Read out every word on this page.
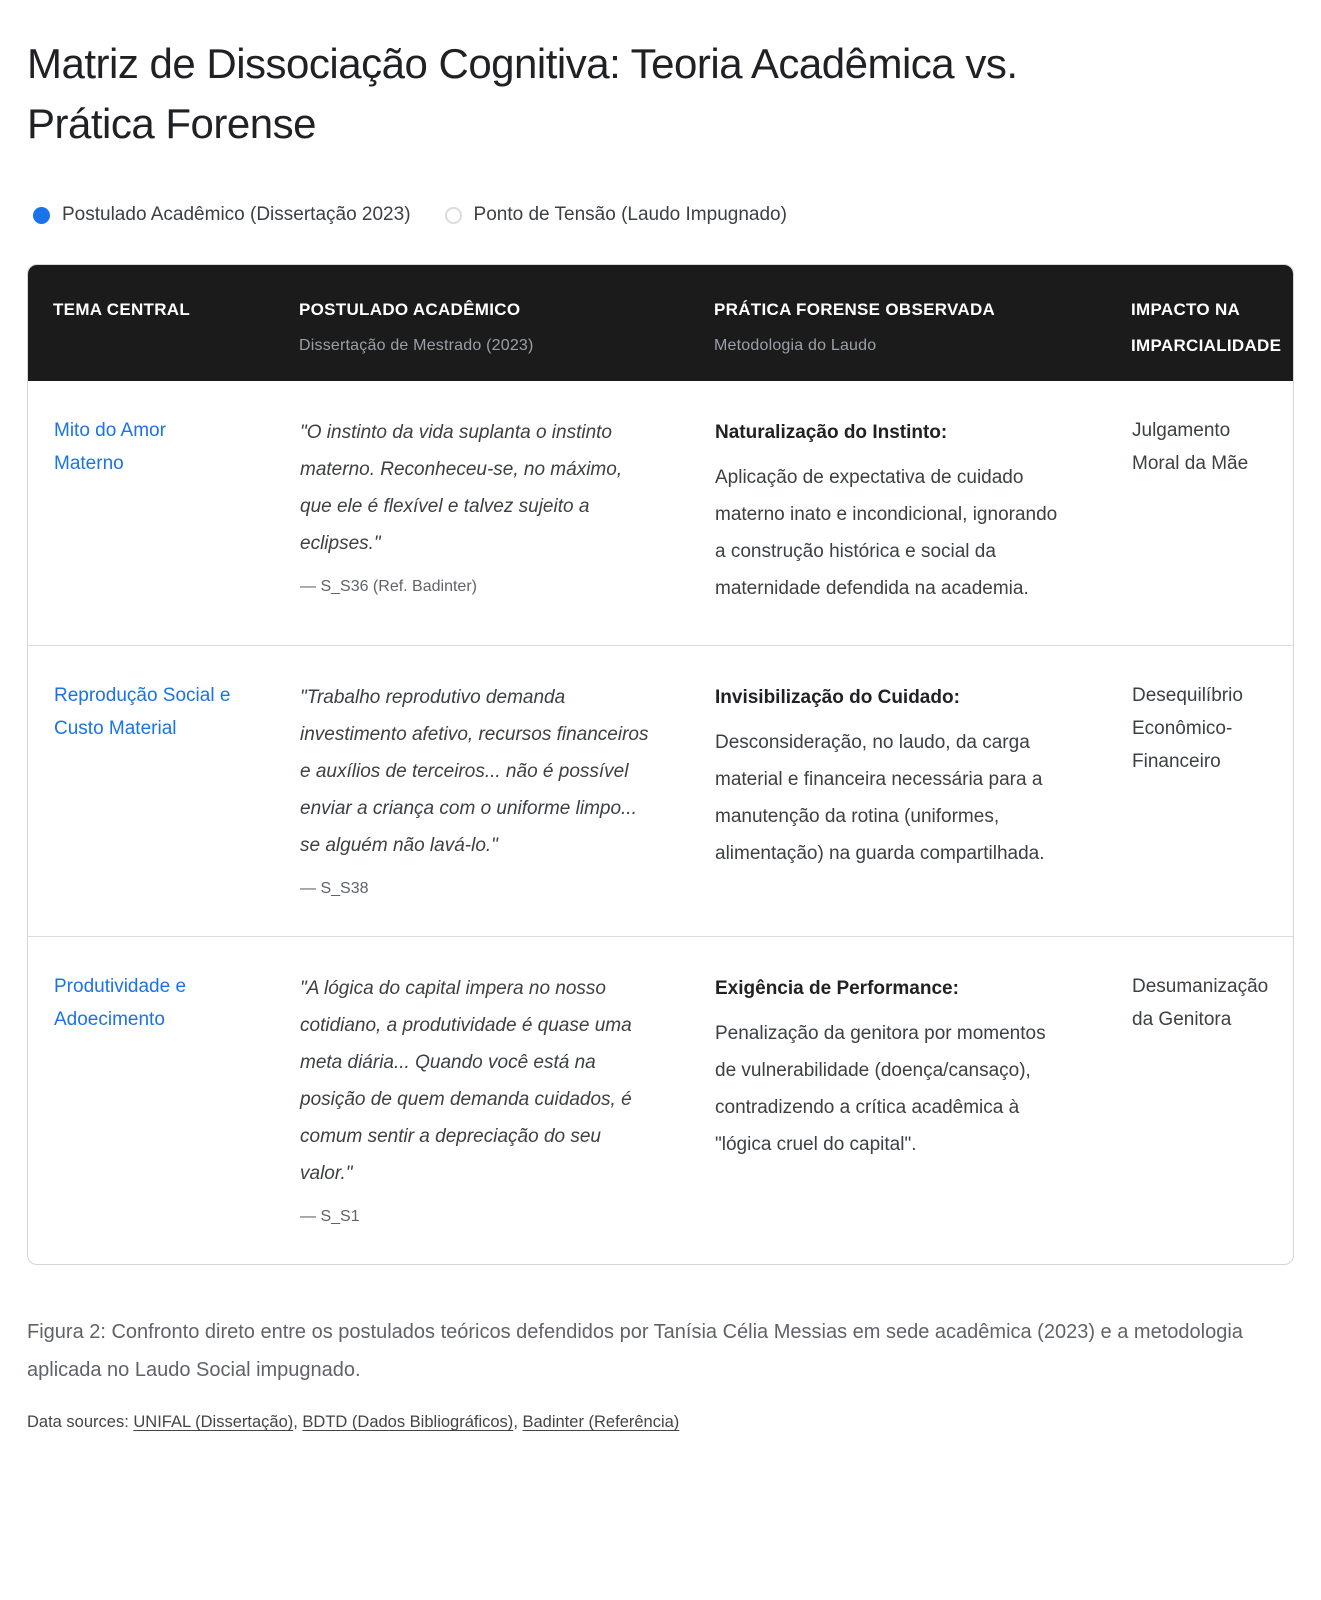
Matriz de Dissociação Cognitiva: Teoria Acadêmica vs.
Prática Forense
Postulado Acadêmico (Dissertação 2023)	Ponto de Tensão (Laudo Impugnado)
TEMA CENTRAL	POSTULADO ACADÊMICO
Dissertação de Mestrado (2023)
PRÁTICA FORENSE OBSERVADA
Metodologia do Laudo
IMPACTO NA IMPARCIALIDADE
Mito do Amor Materno
"O instinto da vida suplanta o instinto materno. Reconheceu-se, no máximo, que ele é flexível e talvez sujeito a eclipses."
— S_S36 (Ref. Badinter)
Naturalização do Instinto:
Aplicação de expectativa de cuidado materno inato e incondicional, ignorando a construção histórica e social da maternidade defendida na academia.
Julgamento Moral da Mãe
Reprodução Social e Custo Material
"Trabalho reprodutivo demanda investimento afetivo, recursos financeiros e auxílios de terceiros... não é possível enviar a criança com o uniforme limpo... se alguém não lavá-lo."
— S_S38
Invisibilização do Cuidado:
Desconsideração, no laudo, da carga material e financeira necessária para a manutenção da rotina (uniformes, alimentação) na guarda compartilhada.
Desequilíbrio Econômico-Financeiro
Produtividade e Adoecimento
"A lógica do capital impera no nosso cotidiano, a produtividade é quase uma meta diária... Quando você está na posição de quem demanda cuidados, é comum sentir a depreciação do seu valor."
— S_S1
Exigência de Performance:
Penalização da genitora por momentos de vulnerabilidade (doença/cansaço), contradizendo a crítica acadêmica à "lógica cruel do capital".
Desumanização da Genitora

Figura 2: Confronto direto entre os postulados teóricos defendidos por Tanísia Célia Messias em sede acadêmica (2023) e a metodologia aplicada no Laudo Social impugnado.

Data sources: UNIFAL (Dissertação), BDTD (Dados Bibliográficos), Badinter (Referência)
